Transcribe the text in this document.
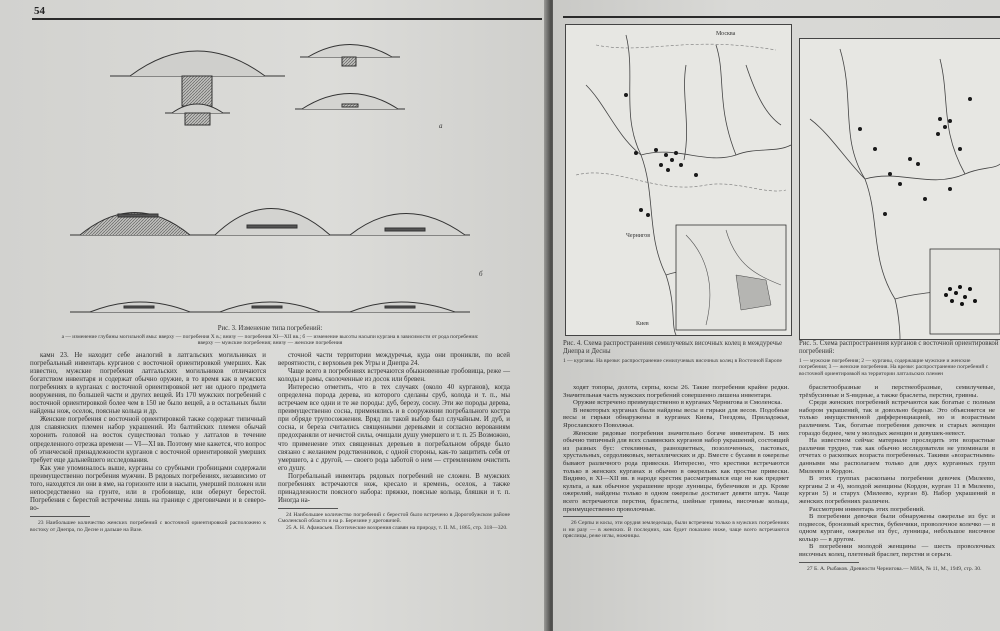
54
а
б
Рис. 3. Изменение типа погребений:
а — изменение глубины могильной ямы: вверху — погребения X в.; внизу — погребения XI—XII вв.; б — изменение высоты насыпи кургана в зависимости от рода погребения: вверху — мужские погребения; внизу — женские погребения

камн 23. Не находит себе аналогий в латгальских могильниках и погребальный инвентарь курганов с восточной ориентировкой умерших. Как известно, мужские погребения латгальских могильников отличаются богатством инвентаря и содержат обычно оружие, в то время как в мужских погребениях в курганах с восточной ориентировкой нет ни одного предмета вооружения, по большей части и других вещей. Из 170 мужских погребений с восточной ориентировкой более чем в 150 не было вещей, а в остальных были найдены нож, оселок, поясные кольца и др.

Женские погребения с восточной ориентировкой также содержат типичный для славянских племен набор украшений. Из балтийских племен обычай хоронить головой на восток существовал только у латгалов в течение определенного отрезка времени — VI—XI вв. Поэтому мне кажется, что вопрос об этнической принадлежности курганов с восточной ориентировкой умерших требует еще дальнейшего исследования.

Как уже упоминалось выше, курганы со срубными гробницами содержали преимущественно погребения мужчин. В рядовых погребениях, независимо от того, находятся ли они в яме, на горизонте или в насыпи, умерший положен или непосредственно на грунте, или в гробовище, или обернут берестой. Погребения с берестой встречены лишь на границе с дреговичами и в северо-во-

23 Наибольшее количество женских погребений с восточной ориентировкой расположено к востоку от Днепра, по Десне и дальше на Вазе.

сточной части территории междуречья, куда они проникли, по всей вероятности, с верховьев рек Угры и Днепра 24.

Чаще всего в погребениях встречаются обыкновенные гробовища, реже — колоды и рамы, сколоченные из досок или бревен.

Интересно отметить, что в тех случаях (около 40 курганов), когда определена порода дерева, из которого сделаны сруб, колода и т. п., мы встречаем все одни и те же породы: дуб, березу, сосну. Эти же породы дерева, преимущественно сосна, применялись и в сооружении погребального костра при обряде трупосожжения. Вряд ли такой выбор был случайным. И дуб, и сосна, и береза считались священными деревьями и согласно верованиям предохраняли от нечистой силы, очищали душу умершего и т. п. 25 Возможно, что применение этих священных деревьев в погребальном обряде было связано с желанием родственников, с одной стороны, как-то защитить себя от умершего, а с другой, — своего рода заботой о нем — стремлением очистить его душу.

Погребальный инвентарь рядовых погребений не сложен. В мужских погребениях встречаются нож, кресало и кремень, оселок, а также принадлежности поясного набора: пряжки, поясные кольца, бляшки и т. п. Иногда на-

24 Наибольшее количество погребений с берестой было встречено в Дорогобужском районе Смоленской области и на р. Березине у дреговичей.

25 А. Н. Афанасьев. Поэтические воззрения славян на природу, т. II. М., 1865, стр. 318—320.

Чернигов
Киев
Москва
Рис. 4. Схема распространения семилучевых височных колец в междуречье Днепра и Десны
1 — курганы. На врезке: распространение семилучевых височных колец в Восточной Европе
Рис. 5. Схема распространения курганов с восточной ориентировкой погребений:
1 — мужские погребения; 2 — курганы, содержащие мужские и женские погребения; 3 — женские погребения. На врезке: распространение погребений с восточной ориентировкой на территории латгальских племен

ходят топоры, долота, серпы, косы 26. Такие погребения крайне редки. Значительная часть мужских погребений совершенно лишена инвентаря.

Оружие встречено преимущественно в курганах Чернигова и Смоленска.

В некоторых курганах были найдены весы и гирьки для весов. Подобные весы и гирьки обнаружены в курганах Киева, Гнездова, Приладожья, Ярославского Поволжья.

Женские рядовые погребения значительно богаче инвентарем. В них обычно типичный для всех славянских курганов набор украшений, состоящий из разных бус: стеклянных, разноцветных, позолоченных, пастовых, хрустальных, сердоликовых, металлических и др. Вместе с бусами в ожерелье бывают различного рода привески. Интересно, что крестики встречаются только в женских курганах и обычно в ожерельях как простые привески. Видимо, в XI—XII вв. в народе крестик рассматривался еще не как предмет культа, а как обычное украшение вроде лунницы, бубенчиков и др. Кроме ожерелий, найдены только в одном ожерелье достигает девяти штук. Чаще всего встречаются перстни, браслеты, шейные гривны, височные кольца, преимущественно проволочные.

26 Серпы и косы, эти орудия земледельца, были встречены только в мужских погребениях и ни разу — в женских. В последних, как будет показано ниже, чаще всего встречаются пряслицы, реже иглы, ножницы.

браслетообразные и перстнеобразные, семилучевые, трёхбусинные и S-видные, а также браслеты, перстни, гривны.

Среди женских погребений встречаются как богатые с полным набором украшений, так и довольно бедные. Это объясняется не только имущественной дифференциацией, но и возрастным различием. Так, богатые погребения девочек и старых женщин гораздо беднее, чем у молодых женщин и девушек-невест.

На известном сейчас материале проследить эти возрастные различия трудно, так как обычно исследователи не упоминали в отчетах о раскопках возраста погребенных. Такими «возрастными» данными мы располагаем только для двух курганных групп Милеево и Кордон.

В этих группах раскопаны погребения девочек (Милеево, курганы 2 и 4), молодой женщины (Кордон, курган 11 в Милеево, курган 5) и старух (Милеево, курган 8). Набор украшений в женских погребениях различен.

Рассмотрим инвентарь этих погребений.

В погребении девочки были обнаружены ожерелье из бус и подвесок, бронзовый крестик, бубенчики, проволочное колечко — в одном кургане, ожерелье из бус, лунницы, небольшое височное кольцо — в другом.

В погребении молодой женщины — шесть проволочных височных колец, плетеный браслет, перстни и серьги.

27 Б. А. Рыбаков. Древности Чернигова.— МИА, № 11, М., 1949, стр. 30.
